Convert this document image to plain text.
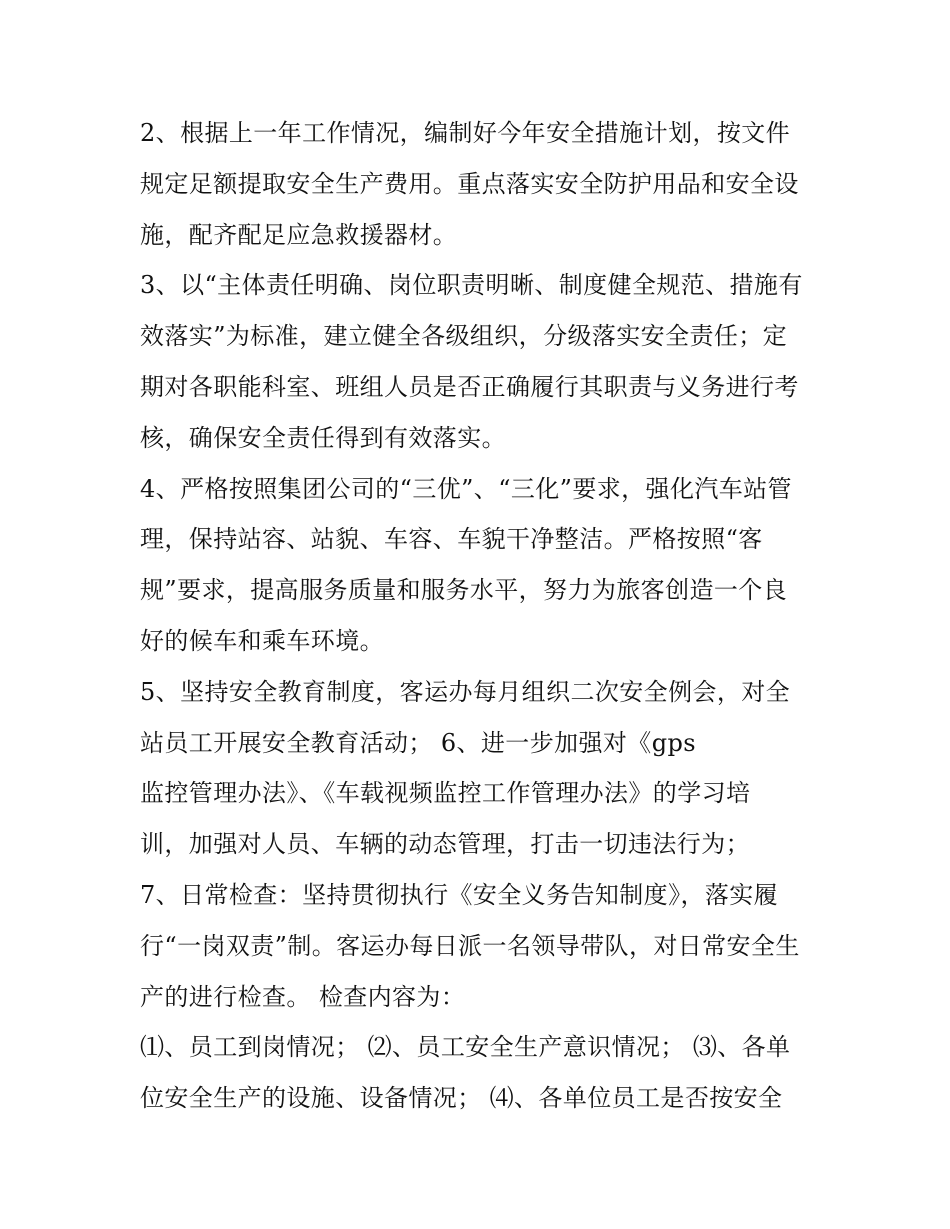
2、根据上一年工作情况，编制好今年安全措施计划，按文件
规定足额提取安全生产费用。重点落实安全防护用品和安全设
施，配齐配足应急救援器材。
3、以“主体责任明确、岗位职责明晰、制度健全规范、措施有
效落实”为标准，建立健全各级组织，分级落实安全责任；定
期对各职能科室、班组人员是否正确履行其职责与义务进行考
核，确保安全责任得到有效落实。
4、严格按照集团公司的“三优”、“三化”要求，强化汽车站管
理，保持站容、站貌、车容、车貌干净整洁。严格按照“客
规”要求，提高服务质量和服务水平，努力为旅客创造一个良
好的候车和乘车环境。
5、坚持安全教育制度，客运办每月组织二次安全例会，对全
站员工开展安全教育活动； 6、进一步加强对《gps
监控管理办法》、《车载视频监控工作管理办法》的学习培
训，加强对人员、车辆的动态管理，打击一切违法行为；
7、日常检查：坚持贯彻执行《安全义务告知制度》，落实履
行“一岗双责”制。客运办每日派一名领导带队，对日常安全生
产的进行检查。 检查内容为：
⑴、员工到岗情况； ⑵、员工安全生产意识情况； ⑶、各单
位安全生产的设施、设备情况； ⑷、各单位员工是否按安全
